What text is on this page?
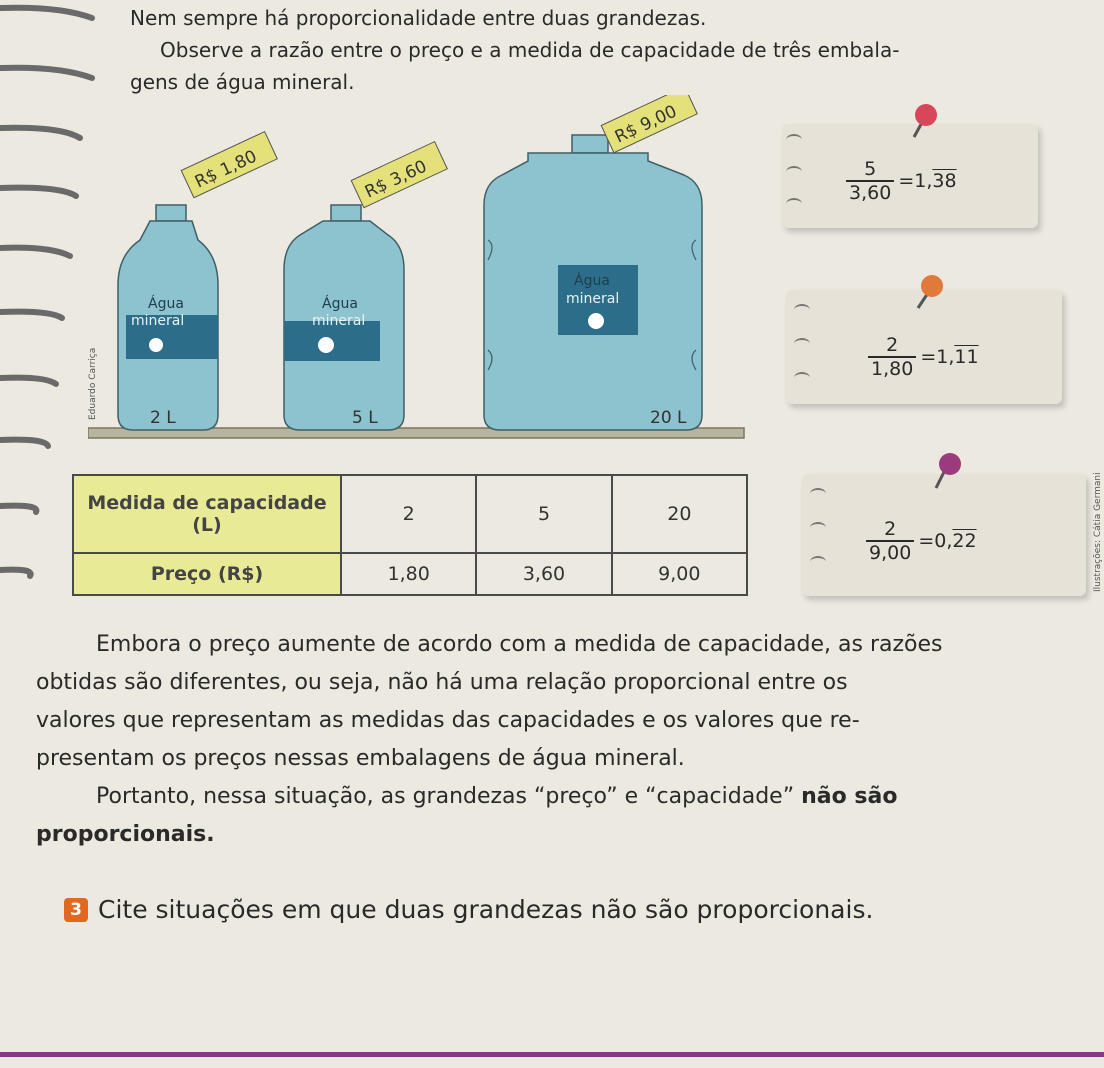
Nem sempre há proporcionalidade entre duas grandezas.

Observe a razão entre o preço e a medida de capacidade de três embala-

gens de água mineral.

R$ 1,80	R$ 3,60
R$ 9,00
Água
mineral
Água
mineral
Água
mineral
2 L	5 L	20 L
Eduardo Carriça
Ilustrações: Cátia Germani
$\frac{5}{3,60} = 1$, 38
$\frac{2}{1,80} = 1$, 11
$\frac{2}{9,00} = 0$, 22
Medida de capacidade (L)	2	5	20
Preço (R$)	1,80	3,60	9,00

Embora o preço aumente de acordo com a medida de capacidade, as razões

obtidas são diferentes, ou seja, não há uma relação proporcional entre os

valores que representam as medidas das capacidades e os valores que re-

presentam os preços nessas embalagens de água mineral.

Portanto, nessa situação, as grandezas “preço” e “capacidade” não são

proporcionais.

3 Cite situações em que duas grandezas não são proporcionais.
